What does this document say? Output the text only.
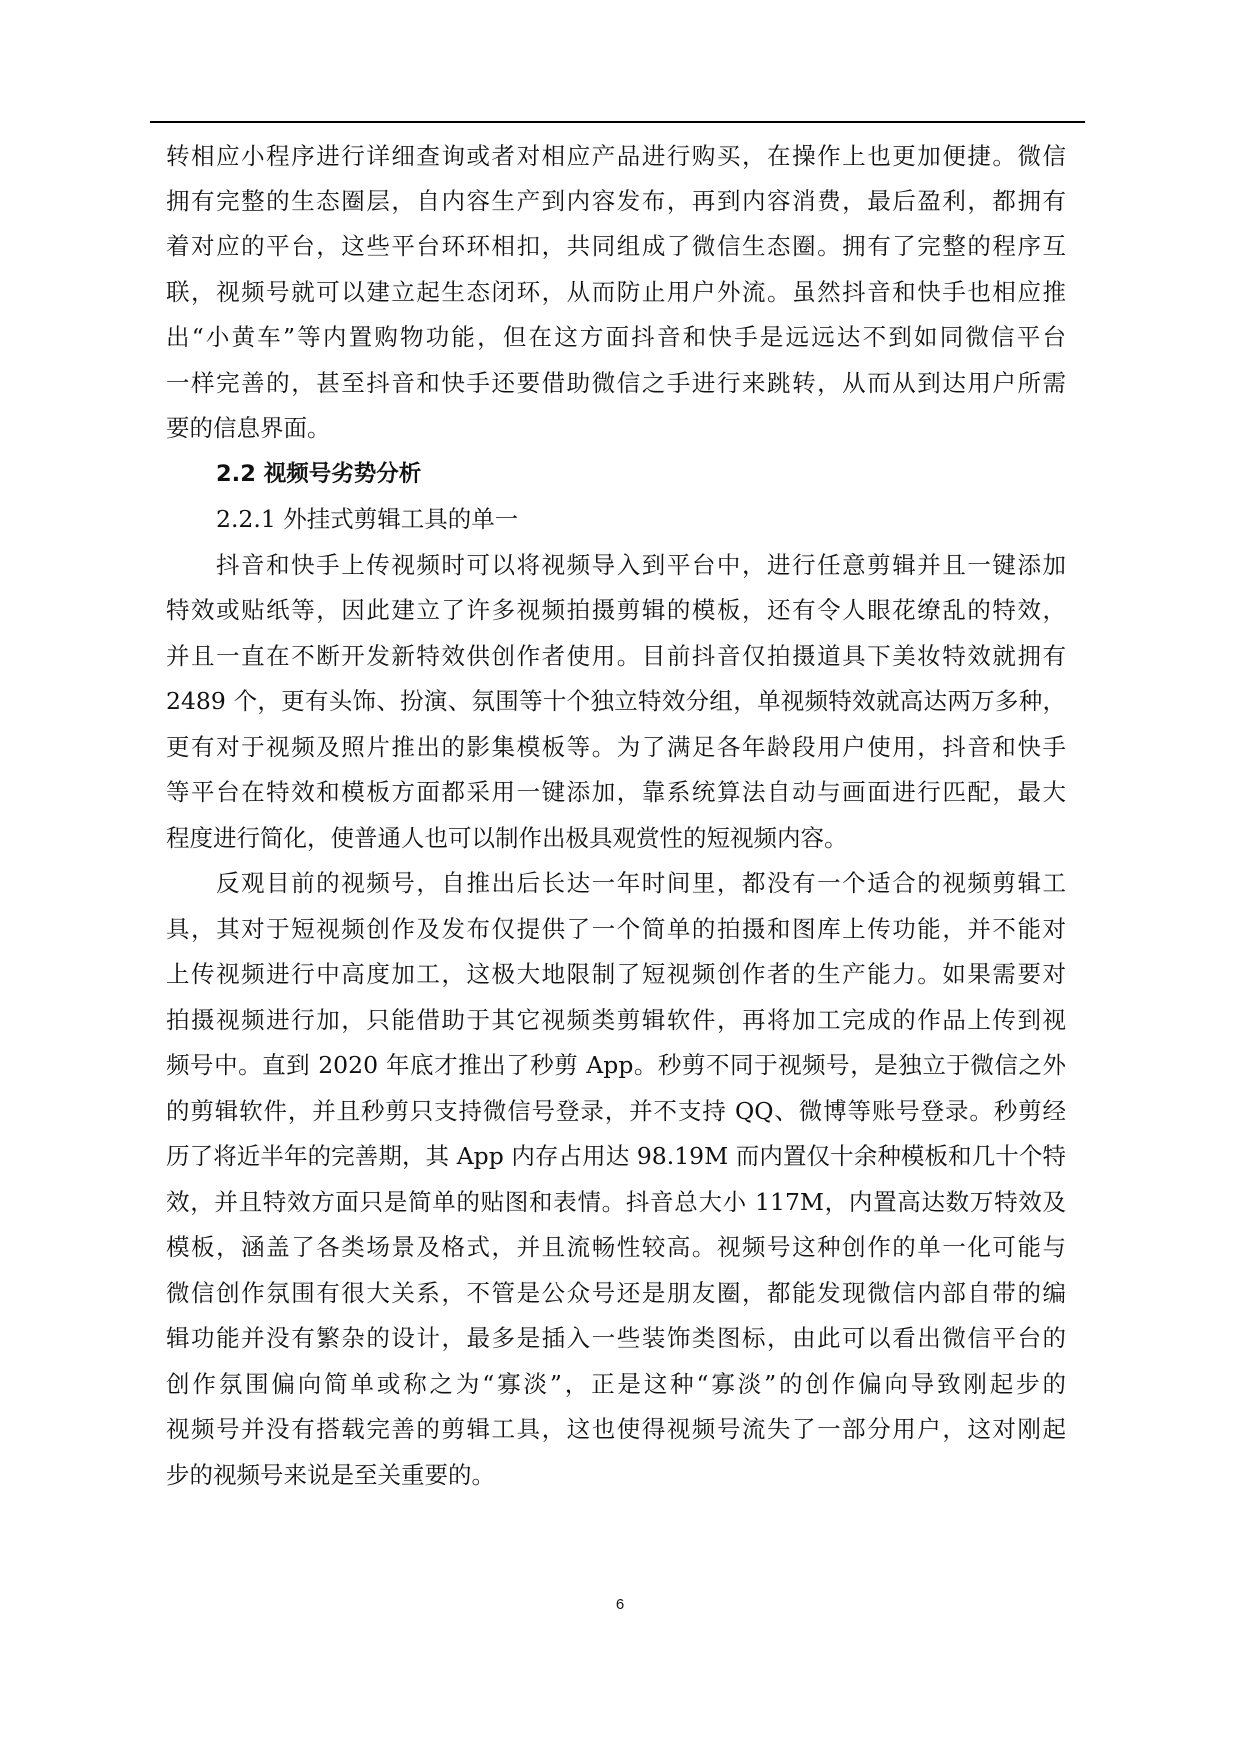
转相应小程序进行详细查询或者对相应产品进行购买，在操作上也更加便捷。微信
拥有完整的生态圈层，自内容生产到内容发布，再到内容消费，最后盈利，都拥有
着对应的平台，这些平台环环相扣，共同组成了微信生态圈。拥有了完整的程序互
联，视频号就可以建立起生态闭环，从而防止用户外流。虽然抖音和快手也相应推
出“小黄车”等内置购物功能，但在这方面抖音和快手是远远达不到如同微信平台
一样完善的，甚至抖音和快手还要借助微信之手进行来跳转，从而从到达用户所需
要的信息界面。
2.2 视频号劣势分析
2.2.1 外挂式剪辑工具的单一
抖音和快手上传视频时可以将视频导入到平台中，进行任意剪辑并且一键添加
特效或贴纸等，因此建立了许多视频拍摄剪辑的模板，还有令人眼花缭乱的特效，
并且一直在不断开发新特效供创作者使用。目前抖音仅拍摄道具下美妆特效就拥有
2489 个，更有头饰、扮演、氛围等十个独立特效分组，单视频特效就高达两万多种，
更有对于视频及照片推出的影集模板等。为了满足各年龄段用户使用，抖音和快手
等平台在特效和模板方面都采用一键添加，靠系统算法自动与画面进行匹配，最大
程度进行简化，使普通人也可以制作出极具观赏性的短视频内容。
反观目前的视频号，自推出后长达一年时间里，都没有一个适合的视频剪辑工
具，其对于短视频创作及发布仅提供了一个简单的拍摄和图库上传功能，并不能对
上传视频进行中高度加工，这极大地限制了短视频创作者的生产能力。如果需要对
拍摄视频进行加，只能借助于其它视频类剪辑软件，再将加工完成的作品上传到视
频号中。直到 2020 年底才推出了秒剪 App。秒剪不同于视频号，是独立于微信之外
的剪辑软件，并且秒剪只支持微信号登录，并不支持 QQ、微博等账号登录。秒剪经
历了将近半年的完善期，其 App 内存占用达 98.19M 而内置仅十余种模板和几十个特
效，并且特效方面只是简单的贴图和表情。抖音总大小 117M，内置高达数万特效及
模板，涵盖了各类场景及格式，并且流畅性较高。视频号这种创作的单一化可能与
微信创作氛围有很大关系，不管是公众号还是朋友圈，都能发现微信内部自带的编
辑功能并没有繁杂的设计，最多是插入一些装饰类图标，由此可以看出微信平台的
创作氛围偏向简单或称之为“寡淡”，正是这种“寡淡”的创作偏向导致刚起步的
视频号并没有搭载完善的剪辑工具，这也使得视频号流失了一部分用户，这对刚起
步的视频号来说是至关重要的。
6
